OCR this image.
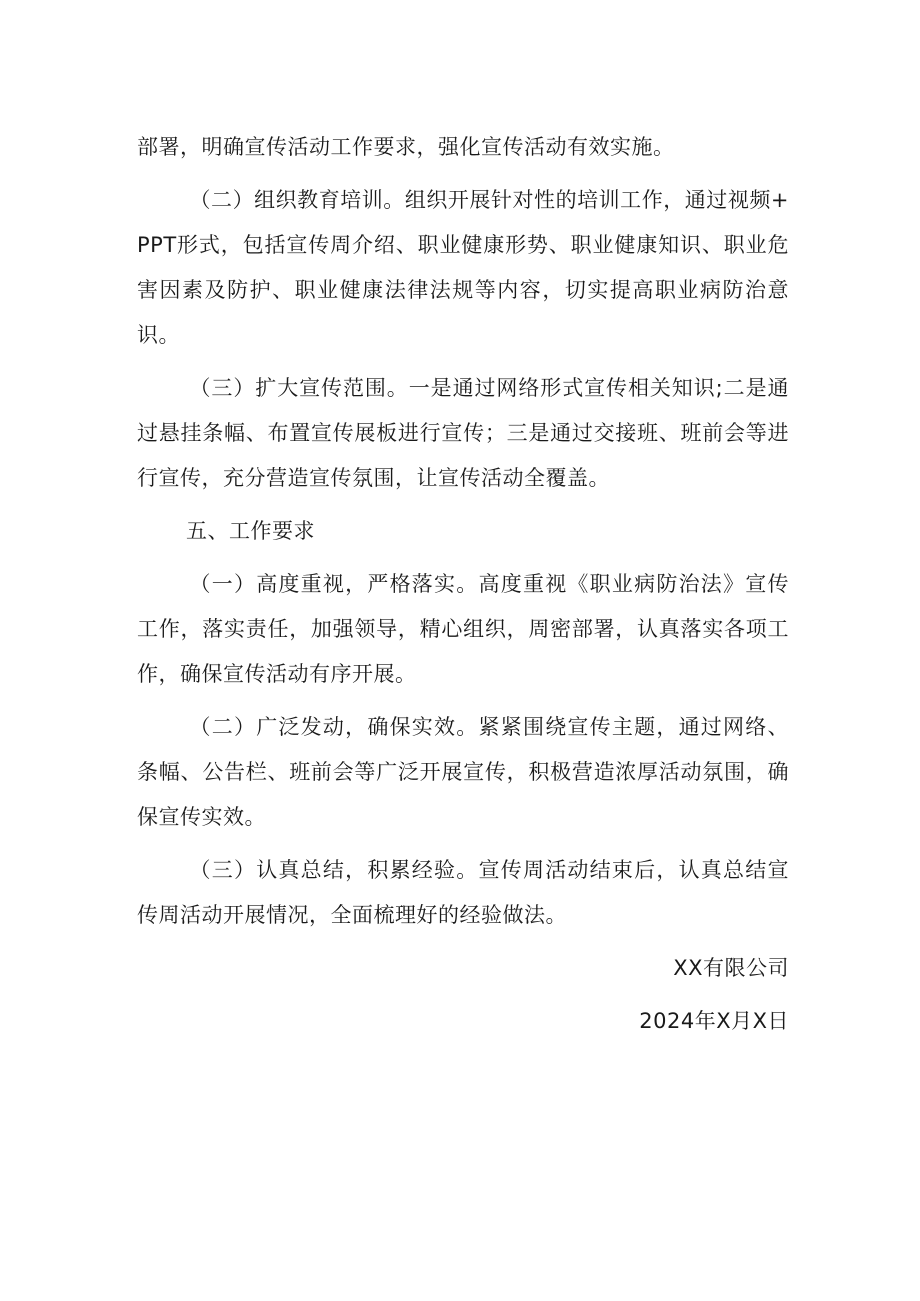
部署，明确宣传活动工作要求，强化宣传活动有效实施。

（二）组织教育培训。组织开展针对性的培训工作，通过视频+PPT形式，包括宣传周介绍、职业健康形势、职业健康知识、职业危害因素及防护、职业健康法律法规等内容，切实提高职业病防治意识。

（三）扩大宣传范围。一是通过网络形式宣传相关知识;二是通过悬挂条幅、布置宣传展板进行宣传；三是通过交接班、班前会等进行宣传，充分营造宣传氛围，让宣传活动全覆盖。

五、工作要求

（一）高度重视，严格落实。高度重视《职业病防治法》宣传工作，落实责任，加强领导，精心组织，周密部署，认真落实各项工作，确保宣传活动有序开展。

（二）广泛发动，确保实效。紧紧围绕宣传主题，通过网络、条幅、公告栏、班前会等广泛开展宣传，积极营造浓厚活动氛围，确保宣传实效。

（三）认真总结，积累经验。宣传周活动结束后，认真总结宣传周活动开展情况，全面梳理好的经验做法。

XX有限公司

2024年X月X日
